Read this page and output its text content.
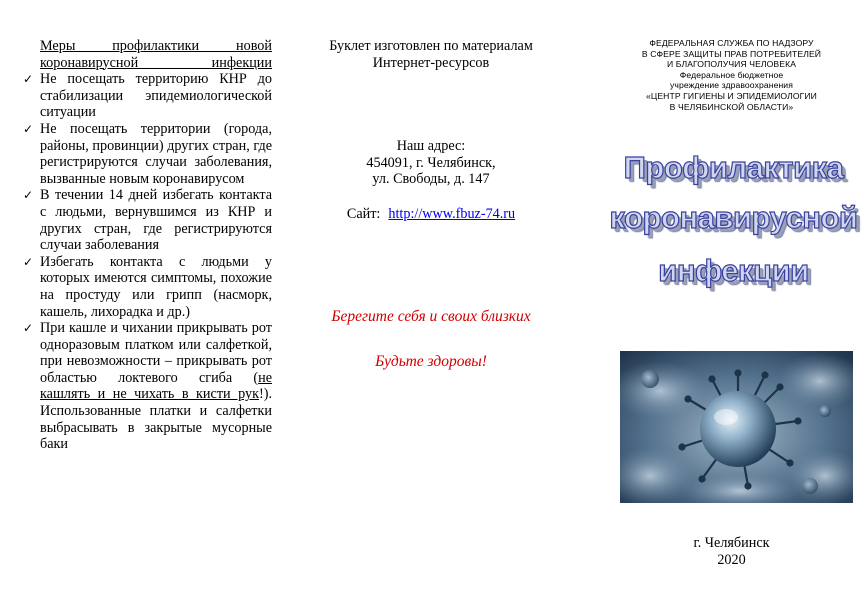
Меры профилактики новой коронавирусной инфекции
✓ Не посещать территорию КНР до стабилизации эпидемиологической ситуации
✓ Не посещать территории (города, районы, провинции) других стран, где регистрируются случаи заболевания, вызванные новым коронавирусом
✓ В течении 14 дней избегать контакта с людьми, вернувшимся из КНР и других стран, где регистрируются случаи заболевания
✓ Избегать контакта с людьми у которых имеются симптомы, похожие на простуду или грипп (насморк, кашель, лихорадка и др.)
✓ При кашле и чихании прикрывать рот одноразовым платком или салфеткой, при невозможности – прикрывать рот областью локтевого сгиба (не кашлять и не чихать в кисти рук!). Использованные платки и салфетки выбрасывать в закрытые мусорные баки
Буклет изготовлен по материалам
Интернет-ресурсов
Наш адрес:
454091, г. Челябинск,
ул. Свободы, д. 147
Сайт: http://www.fbuz-74.ru
Берегите себя и своих близких
Будьте здоровы!
ФЕДЕРАЛЬНАЯ СЛУЖБА ПО НАДЗОРУ
В СФЕРЕ ЗАЩИТЫ ПРАВ ПОТРЕБИТЕЛЕЙ
И БЛАГОПОЛУЧИЯ ЧЕЛОВЕКА
Федеральное бюджетное
учреждение здравоохранения
«ЦЕНТР ГИГИЕНЫ И ЭПИДЕМИОЛОГИИ
В ЧЕЛЯБИНСКОЙ ОБЛАСТИ»
Профилактика
коронавирусной
инфекции
г. Челябинск
2020
